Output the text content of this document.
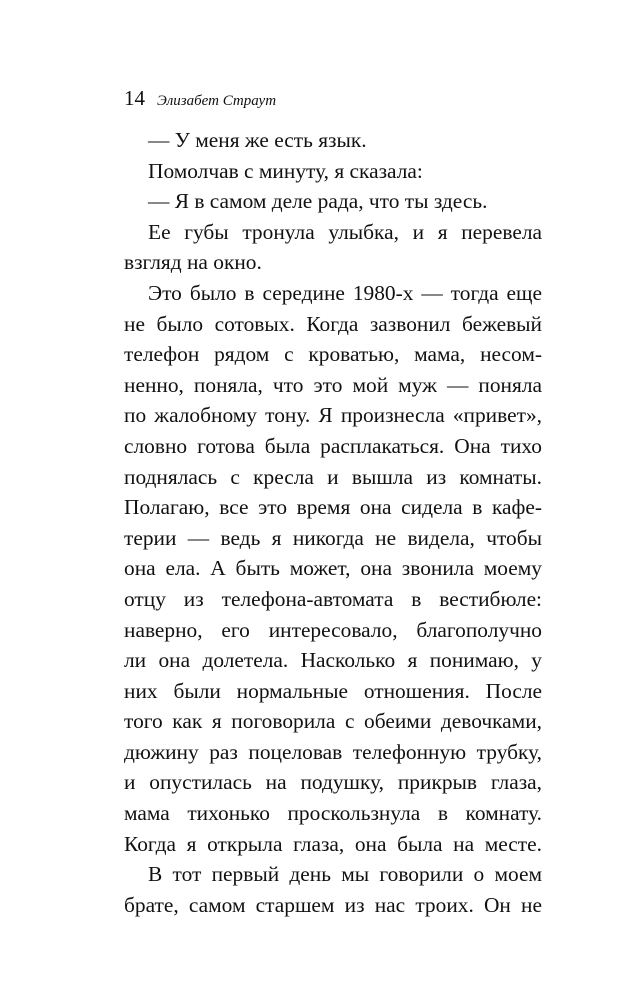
14 Элизабет Страут
— У меня же есть язык.
Помолчав с минуту, я сказала:
— Я в самом деле рада, что ты здесь.
Ее губы тронула улыбка, и я перевела
взгляд на окно.
Это было в середине 1980-х — тогда еще
не было сотовых. Когда зазвонил бежевый
телефон рядом с кроватью, мама, несом-
ненно, поняла, что это мой муж — поняла
по жалобному тону. Я произнесла «привет»,
словно готова была расплакаться. Она тихо
поднялась с кресла и вышла из комнаты.
Полагаю, все это время она сидела в кафе-
терии — ведь я никогда не видела, чтобы
она ела. А быть может, она звонила моему
отцу из телефона-автомата в вестибюле:
наверно, его интересовало, благополучно
ли она долетела. Насколько я понимаю, у
них были нормальные отношения. После
того как я поговорила с обеими девочками,
дюжину раз поцеловав телефонную трубку,
и опустилась на подушку, прикрыв глаза,
мама тихонько проскользнула в комнату.
Когда я открыла глаза, она была на месте.
В тот первый день мы говорили о моем
брате, самом старшем из нас троих. Он не
